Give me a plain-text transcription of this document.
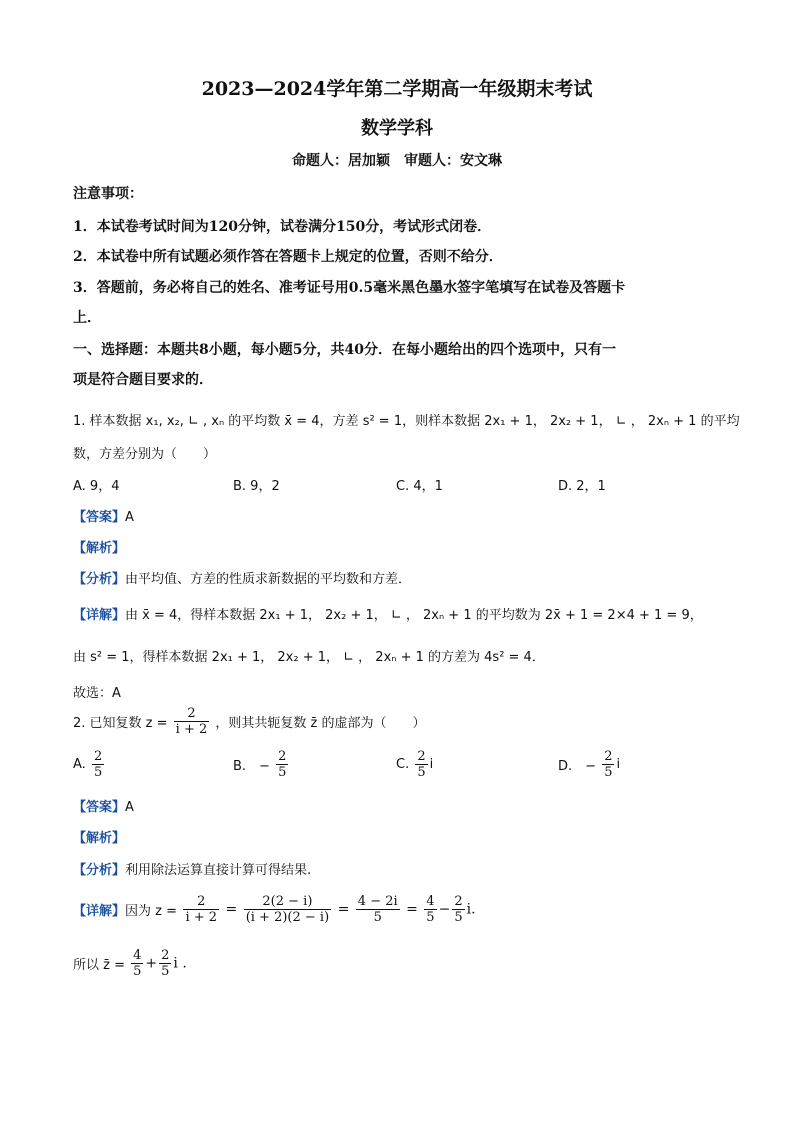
2023—2024学年第二学期高一年级期末考试
数学学科
命题人：居加颖　审题人：安文琳
注意事项：
1．本试卷考试时间为120分钟，试卷满分150分，考试形式闭卷．
2．本试卷中所有试题必须作答在答题卡上规定的位置，否则不给分．
3．答题前，务必将自己的姓名、准考证号用0.5毫米黑色墨水签字笔填写在试卷及答题卡
上．
一、选择题：本题共8小题，每小题5分，共40分．在每小题给出的四个选项中，只有一
项是符合题目要求的．
1. 样本数据 x₁, x₂, ∟ , xₙ 的平均数 x̄ = 4，方差 s² = 1，则样本数据 2x₁ + 1， 2x₂ + 1， ∟ ， 2xₙ + 1 的平均
数，方差分别为（　　）
A. 9，4	B. 9，2	C. 4，1	D. 2，1
【答案】A
【解析】
【分析】由平均值、方差的性质求新数据的平均数和方差．
【详解】由 x̄ = 4，得样本数据 2x₁ + 1， 2x₂ + 1， ∟ ， 2xₙ + 1 的平均数为 2x̄ + 1 = 2×4 + 1 = 9，
由 s² = 1，得样本数据 2x₁ + 1， 2x₂ + 1， ∟ ， 2xₙ + 1 的方差为 4s² = 4．
故选：A
2. 已知复数 $z = \frac{2}{i + 2}$ ，则其共轭复数 z̄ 的虚部为（　　）
A. $\frac{2}{5}$	B.　− $\frac{2}{5}$	C. $\frac{2}{5}$ i	D.　− $\frac{2}{5}$ i
【答案】A
【解析】
【分析】利用除法运算直接计算可得结果.
【详解】因为 $z = \frac{2}{i + 2} = \frac{2(2 - i)}{(i + 2)(2 - i)} = \frac{4 - 2i}{5} = \frac{4}{5} - \frac{2}{5} i$.
所以 z̄ = $\frac{4}{5} + \frac{2}{5}$ i .
